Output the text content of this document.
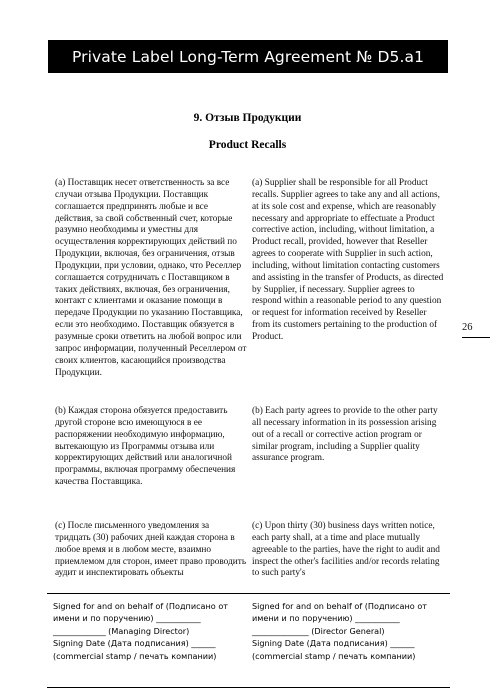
Private Label Long-Term Agreement № D5.a1
9. Отзыв Продукции
Product Recalls

(a) Поставщик несет ответственность за все случаи отзыва Продукции. Поставщик соглашается предпринять любые и все действия, за свой собственный счет, которые разумно необходимы и уместны для осуществления корректирующих действий по Продукции, включая, без ограничения, отзыв Продукции, при условии, однако, что Реселлер соглашается сотрудничать с Поставщиком в таких действиях, включая, без ограничения, контакт с клиентами и оказание помощи в передаче Продукции по указанию Поставщика, если это необходимо. Поставщик обязуется в разумные сроки ответить на любой вопрос или запрос информации, полученный Реселлером от своих клиентов, касающийся производства Продукции.

(a) Supplier shall be responsible for all Product recalls. Supplier agrees to take any and all actions, at its sole cost and expense, which are reasonably necessary and appropriate to effectuate a Product corrective action, including, without limitation, a Product recall, provided, however that Reseller agrees to cooperate with Supplier in such action, including, without limitation contacting customers and assisting in the transfer of Products, as directed by Supplier, if necessary. Supplier agrees to respond within a reasonable period to any question or request for information received by Reseller from its customers pertaining to the production of Product.

(b) Каждая сторона обязуется предоставить другой стороне всю имеющуюся в ее распоряжении необходимую информацию, вытекающую из Программы отзыва или корректирующих действий или аналогичной программы, включая программу обеспечения качества Поставщика.

(b) Each party agrees to provide to the other party all necessary information in its possession arising out of a recall or corrective action program or similar program, including a Supplier quality assurance program.

(c) После письменного уведомления за тридцать (30) рабочих дней каждая сторона в любое время и в любом месте, взаимно приемлемом для сторон, имеет право проводить аудит и инспектировать объекты

(c) Upon thirty (30) business days written notice, each party shall, at a time and place mutually agreeable to the parties, have the right to audit and inspect the other's facilities and/or records relating to such party's

26
Signed for and on behalf of (Подписано от
имени и по поручению) ___________
_____________ (Managing Director)
Signing Date (Дата подписания) ______
(commercial stamp / печать компании)
Signed for and on behalf of (Подписано от
имени и по поручению) ___________
______________ (Director General)
Signing Date (Дата подписания) ______
(commercial stamp / печать компании)
